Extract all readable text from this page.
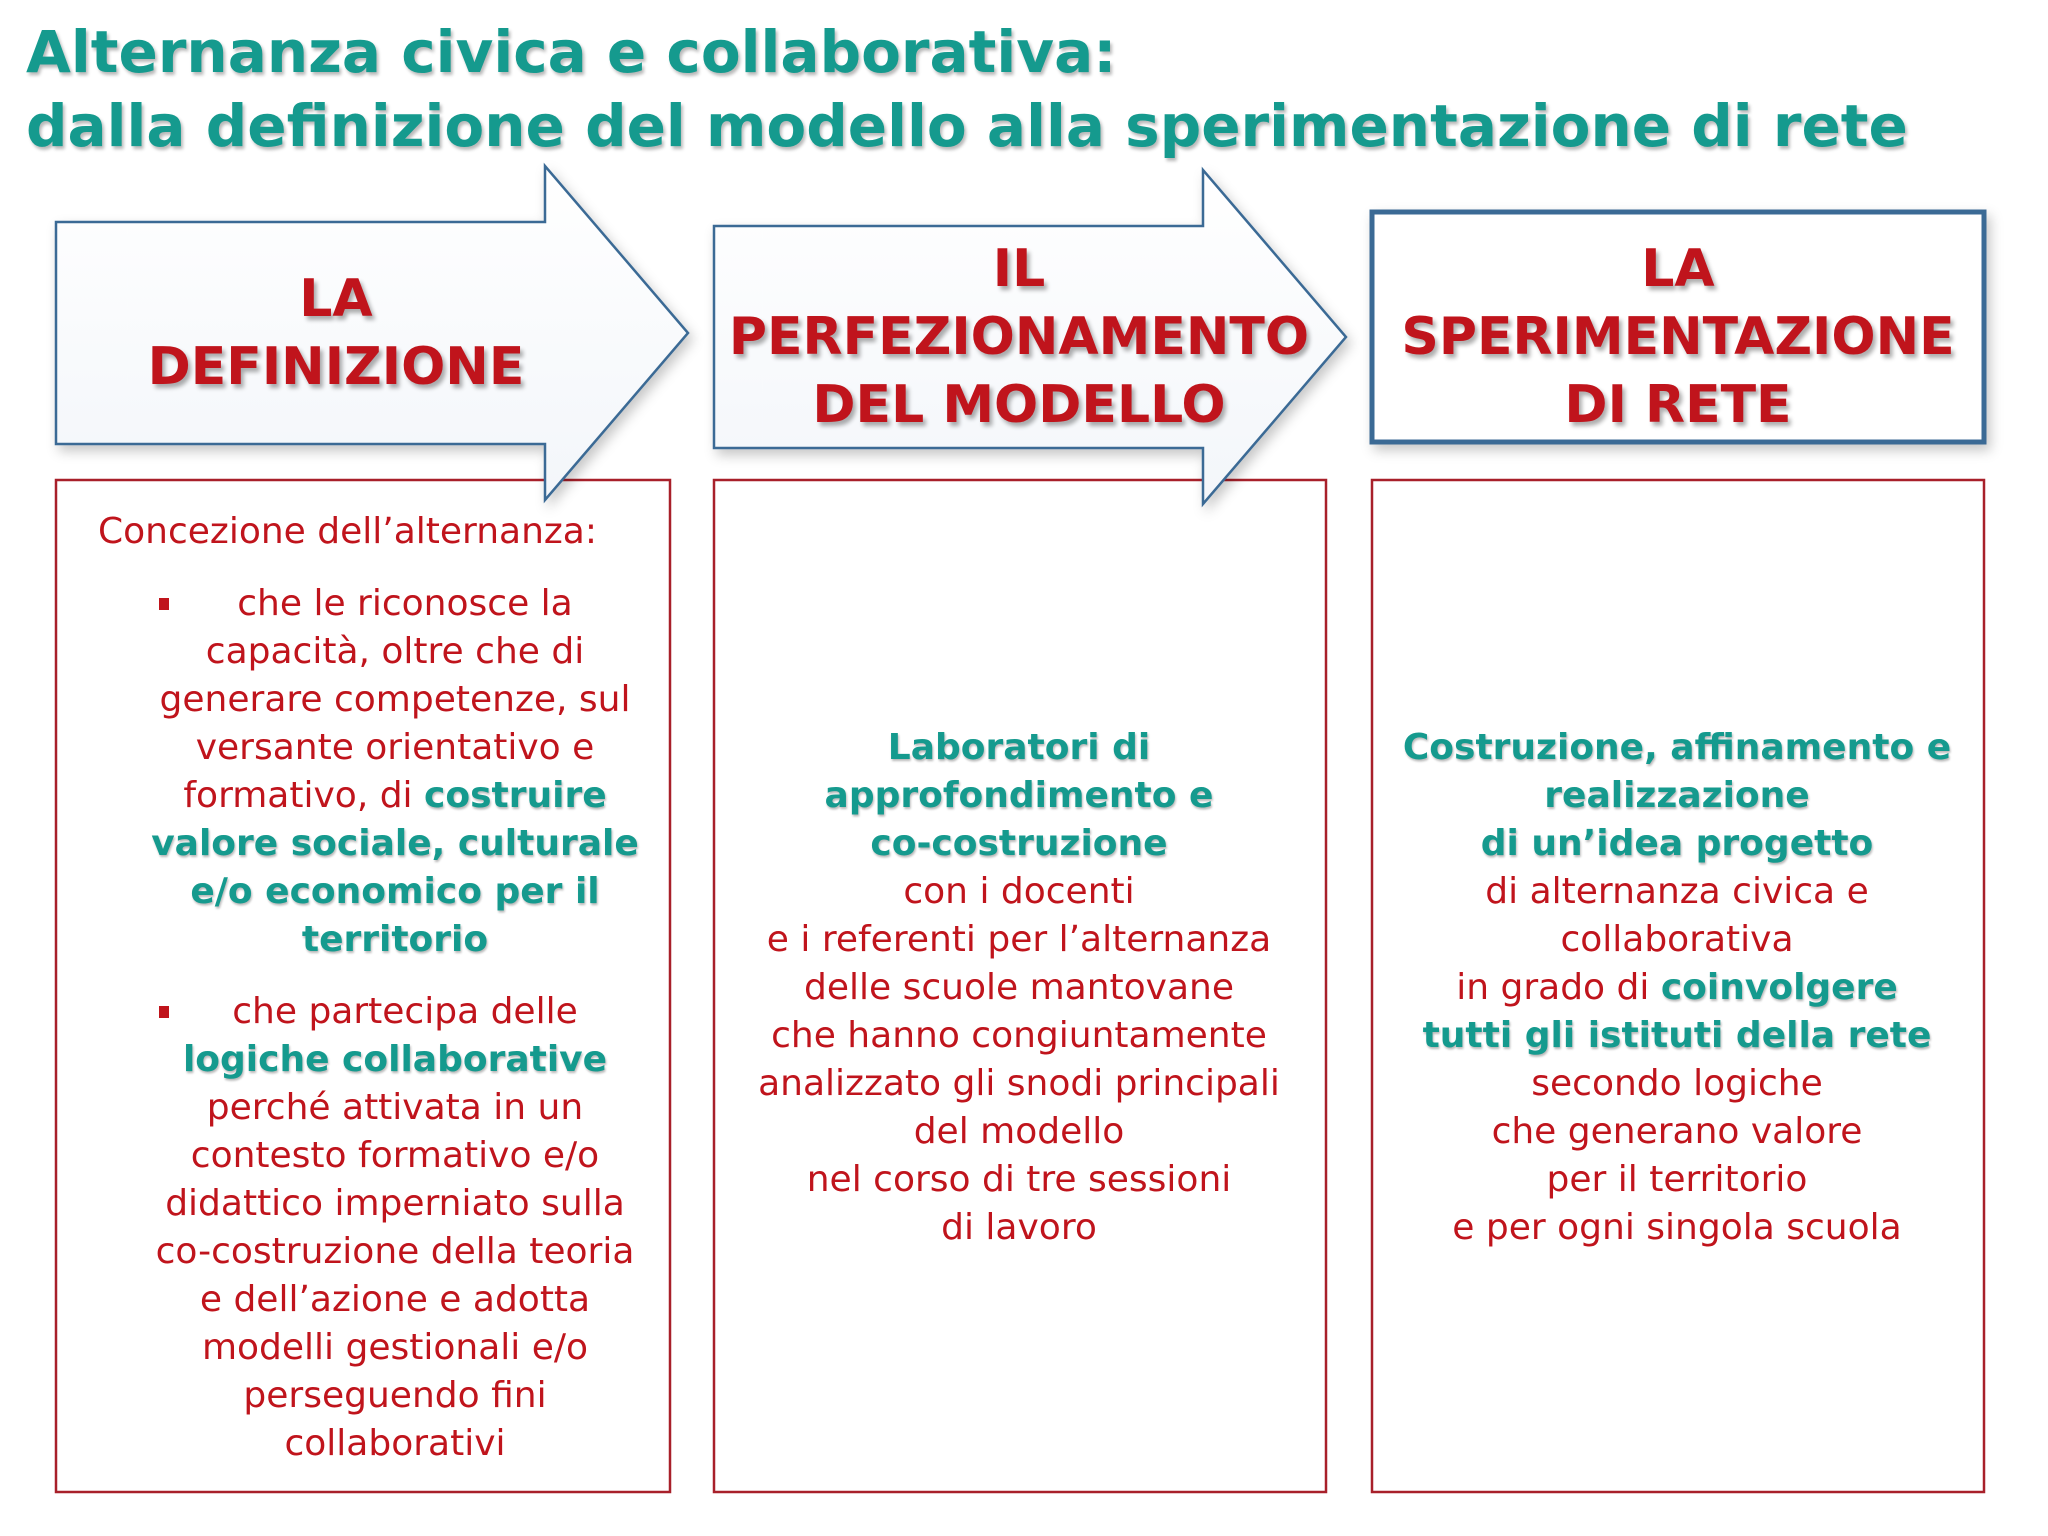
Alternanza civica e collaborativa:
dalla definizione del modello alla sperimentazione di rete
LA
DEFINIZIONE
IL
PERFEZIONAMENTO
DEL MODELLO
LA
SPERIMENTAZIONE
DI RETE
Concezione dell’alternanza:
che le riconosce la
capacità, oltre che di
generare competenze, sul
versante orientativo e
formativo, di costruire
valore sociale, culturale
e/o economico per il
territorio
che partecipa delle
logiche collaborative
perché attivata in un
contesto formativo e/o
didattico imperniato sulla
co-costruzione della teoria
e dell’azione e adotta
modelli gestionali e/o
perseguendo fini
collaborativi
Laboratori di
approfondimento e
co-costruzione
con i docenti
e i referenti per l’alternanza
delle scuole mantovane
che hanno congiuntamente
analizzato gli snodi principali
del modello
nel corso di tre sessioni
di lavoro
Costruzione, affinamento e
realizzazione
di un’idea progetto
di alternanza civica e
collaborativa
in grado di coinvolgere
tutti gli istituti della rete
secondo logiche
che generano valore
per il territorio
e per ogni singola scuola
